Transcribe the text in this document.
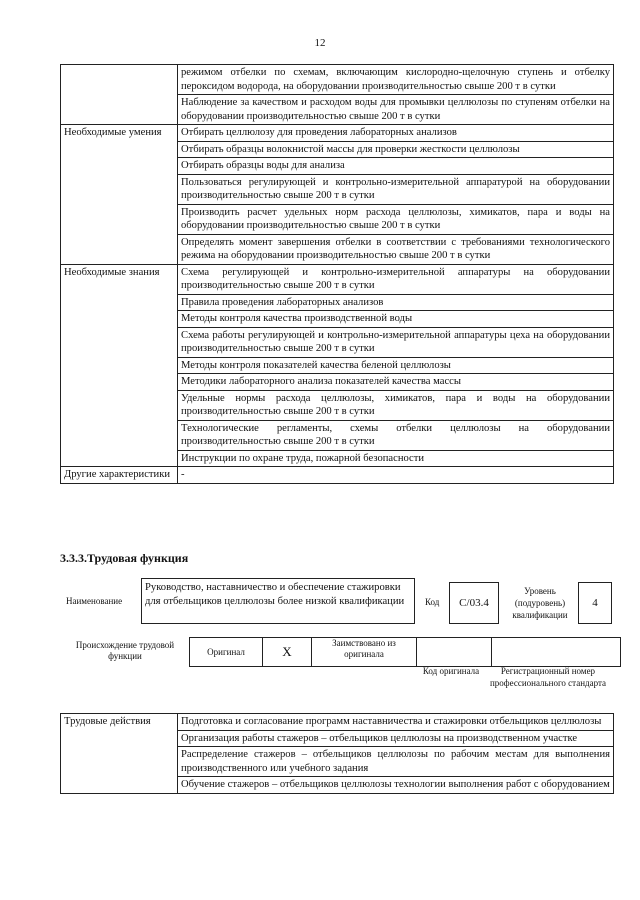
12
	режимом отбелки по схемам, включающим кислородно-щелочную ступень и отбелку пероксидом водорода, на оборудовании производительностью свыше 200 т в сутки
	Наблюдение за качеством и расходом воды для промывки целлюлозы по ступеням отбелки на оборудовании производительностью свыше 200 т в сутки
Необходимые умения	Отбирать целлюлозу для проведения лабораторных анализов
	Отбирать образцы волокнистой массы для проверки жесткости целлюлозы
	Отбирать образцы воды для анализа
	Пользоваться регулирующей и контрольно-измерительной аппаратурой на оборудовании производительностью свыше 200 т в сутки
	Производить расчет удельных норм расхода целлюлозы, химикатов, пара и воды на оборудовании производительностью свыше 200 т в сутки
	Определять момент завершения отбелки в соответствии с требованиями технологического режима на оборудовании производительностью свыше 200 т в сутки
Необходимые знания	Схема регулирующей и контрольно-измерительной аппаратуры на оборудовании производительностью свыше 200 т в сутки
	Правила проведения лабораторных анализов
	Методы контроля качества производственной воды
	Схема работы регулирующей и контрольно-измерительной аппаратуры цеха на оборудовании производительностью свыше 200 т в сутки
	Методы контроля показателей качества беленой целлюлозы
	Методики лабораторного анализа показателей качества массы
	Удельные нормы расхода целлюлозы, химикатов, пара и воды на оборудовании производительностью свыше 200 т в сутки
	Технологические регламенты, схемы отбелки целлюлозы на оборудовании производительностью свыше 200 т в сутки
	Инструкции по охране труда, пожарной безопасности
Другие характеристики	-
3.3.3.Трудовая функция
Наименование
Руководство, наставничество и обеспечение стажировки для отбельщиков целлюлозы более низкой квалификации	Код	C/03.4
Уровень (подуровень) квалификации
4
Происхождение трудовой функции	Оригинал	X	Заимствовано из оригинала		
Код оригинала	Регистрационный номер профессионального стандарта
Трудовые действия	Подготовка и согласование программ наставничества и стажировки отбельщиков целлюлозы
Организация работы стажеров – отбельщиков целлюлозы на производственном участке
Распределение стажеров – отбельщиков целлюлозы по рабочим местам для выполнения производственного или учебного задания
Обучение стажеров – отбельщиков целлюлозы технологии выполнения работ с оборудованием
